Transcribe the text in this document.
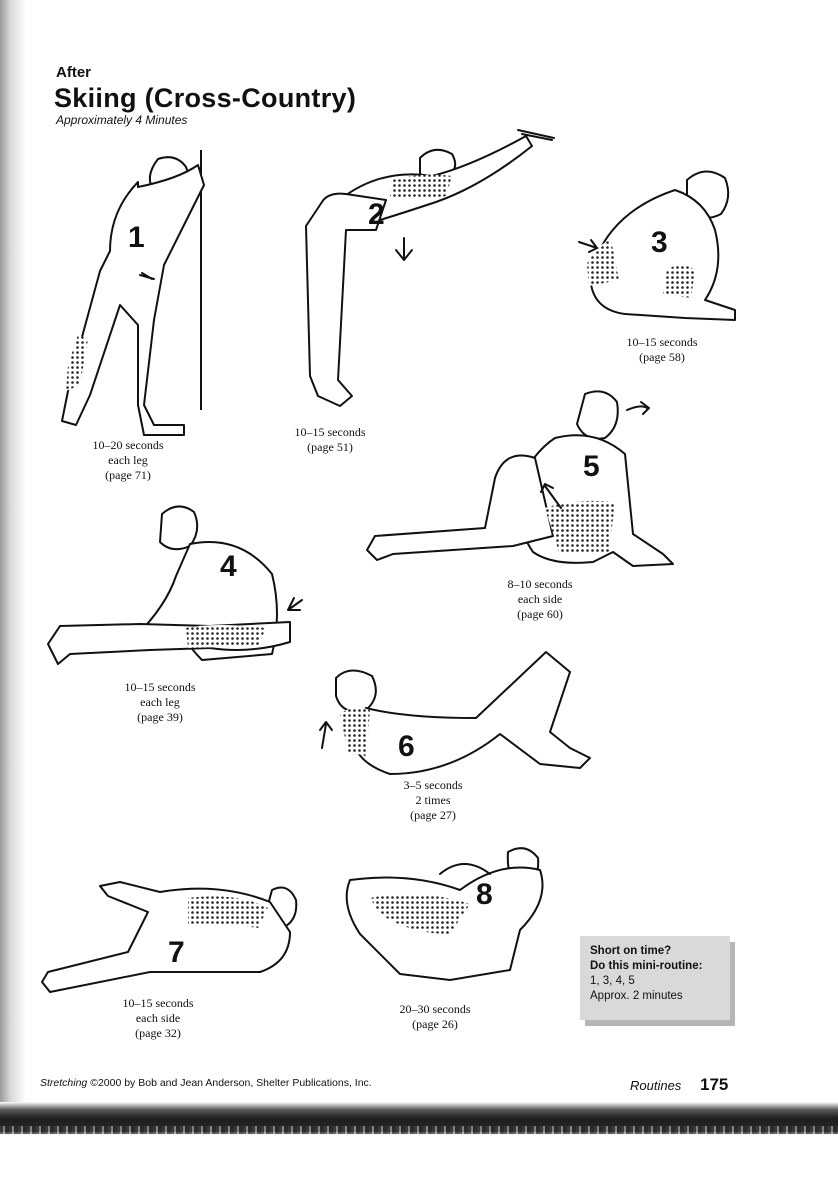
After
Skiing (Cross-Country)
Approximately 4 Minutes
1
10–20 seconds
each leg
(page 71)
2
10–15 seconds
(page 51)
3
10–15 seconds
(page 58)
5
8–10 seconds
each side
(page 60)
4
10–15 seconds
each leg
(page 39)
6
3–5 seconds
2 times
(page 27)
7
10–15 seconds
each side
(page 32)
8
20–30 seconds
(page 26)
Short on time?
Do this mini-routine:
1, 3, 4, 5
Approx. 2 minutes
Stretching ©2000 by Bob and Jean Anderson, Shelter Publications, Inc.	Routines 175
